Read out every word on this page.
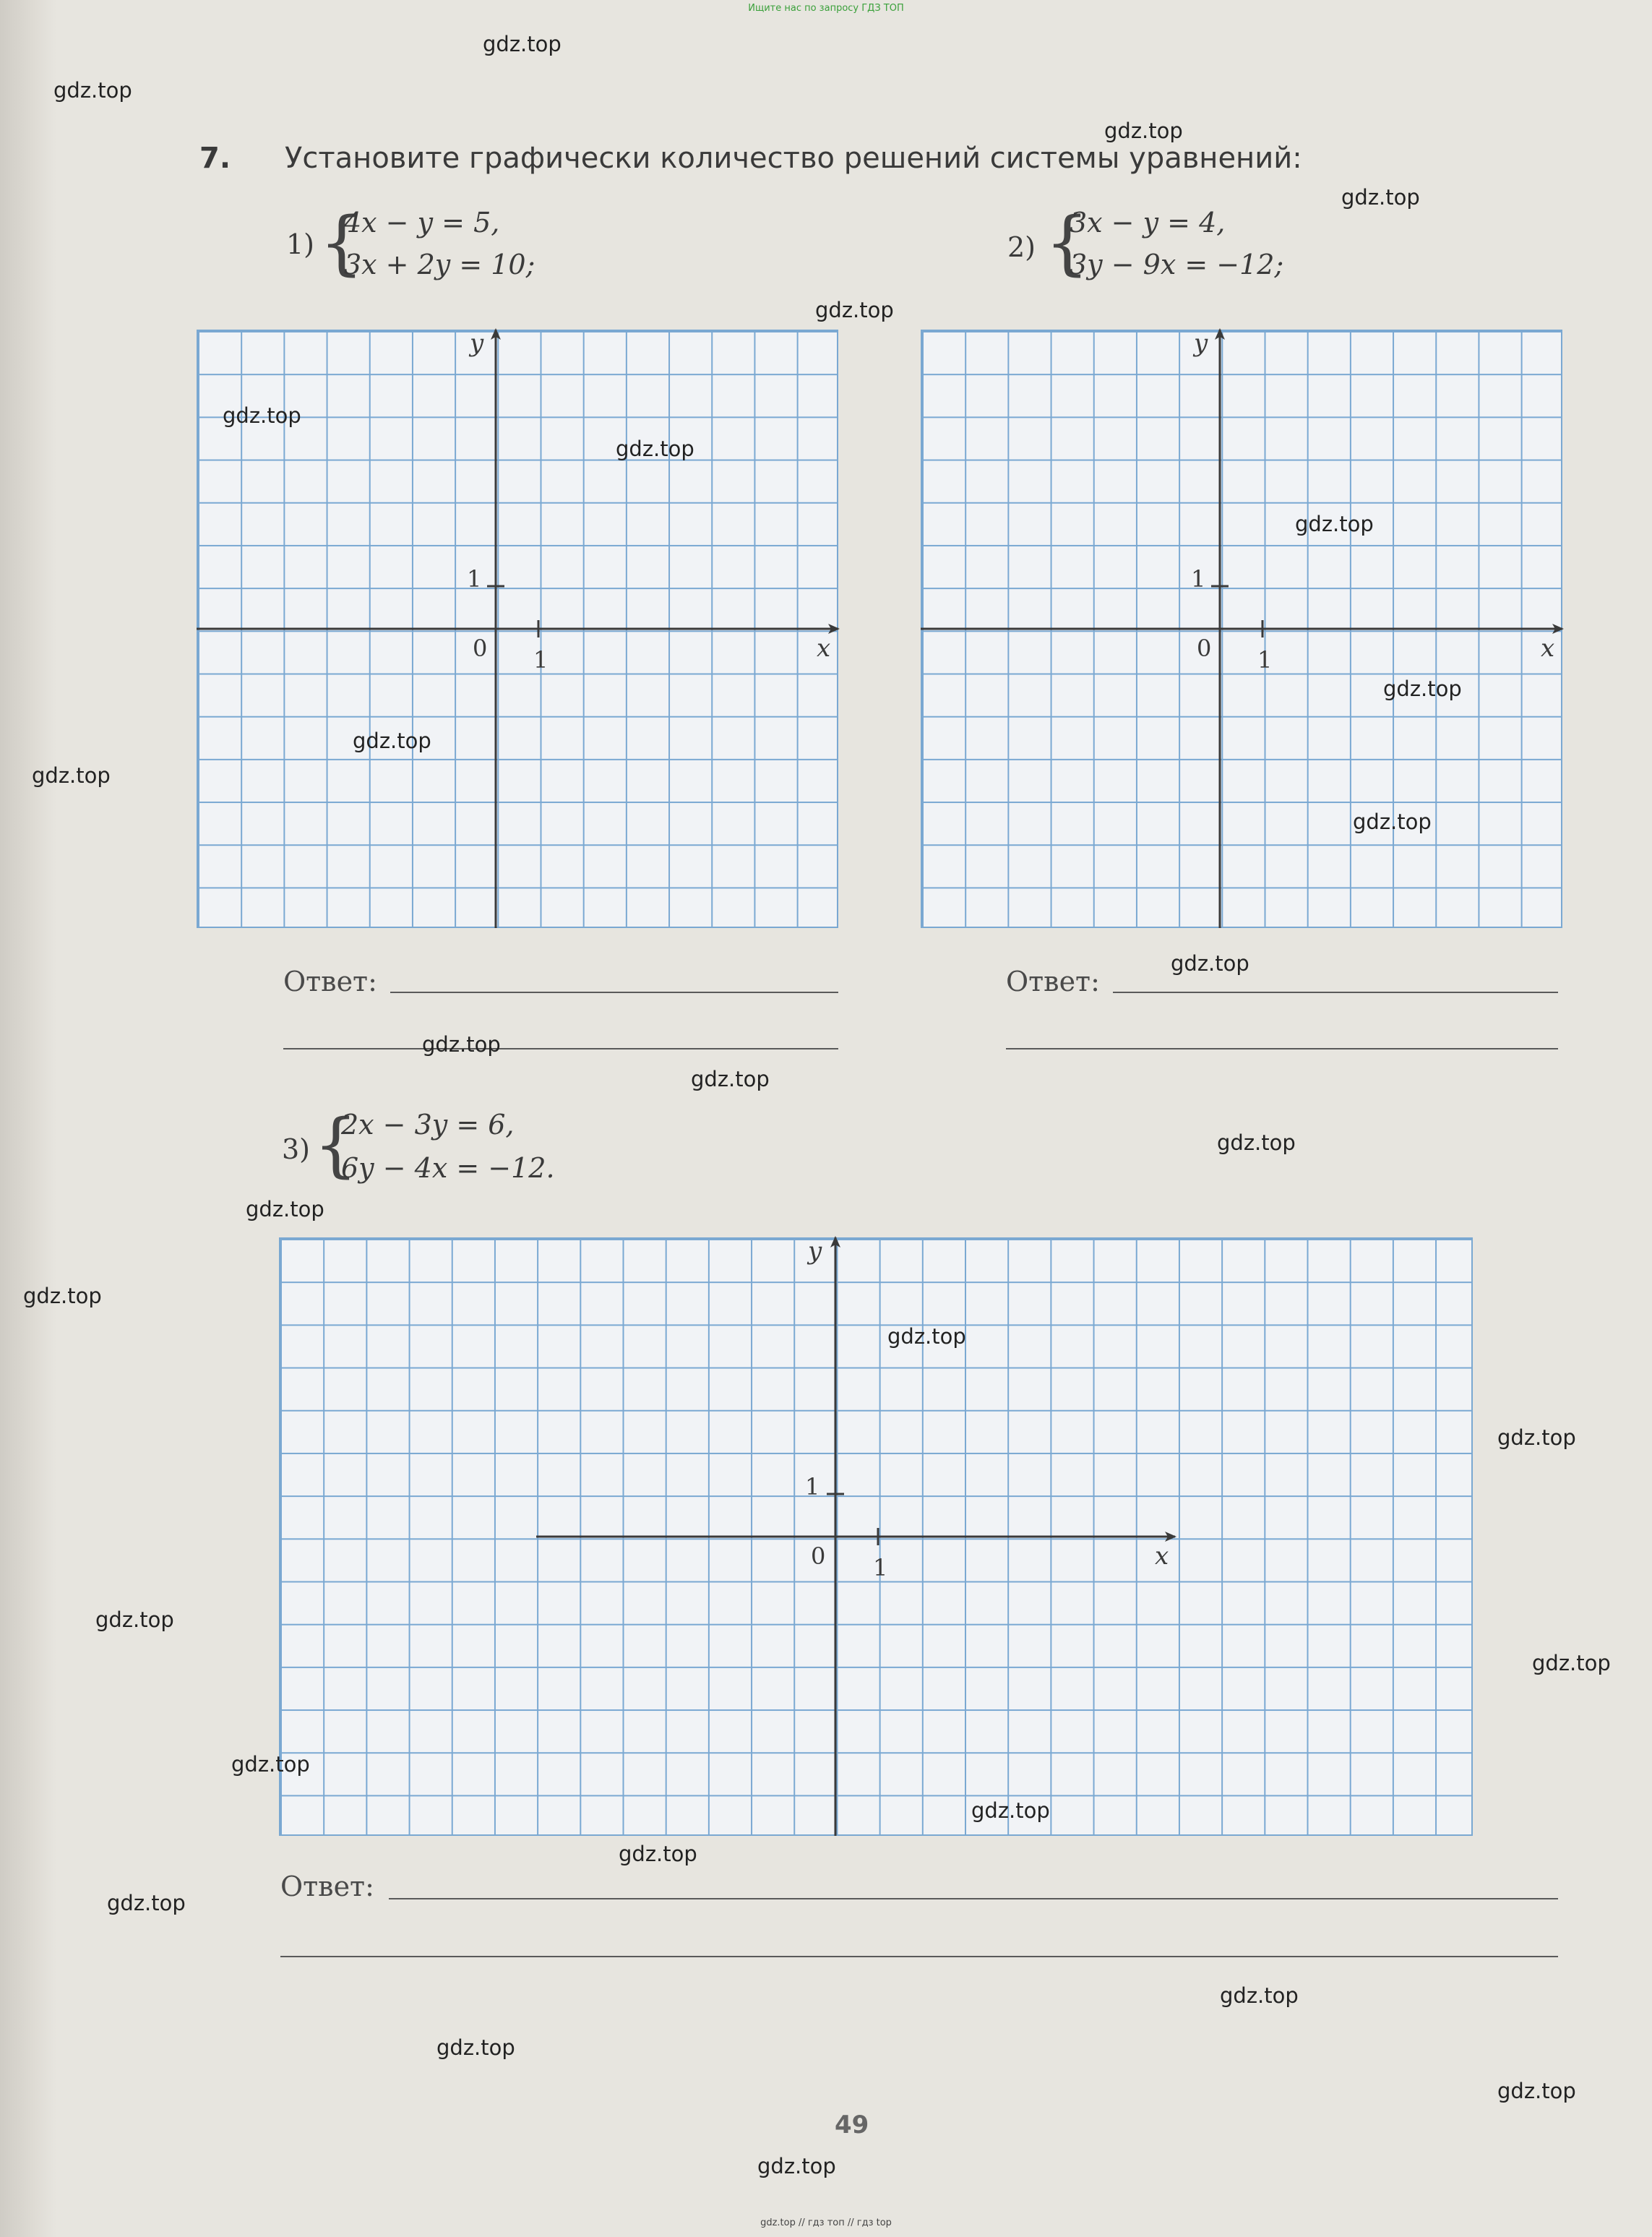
Ищите нас по запросу ГДЗ ТОП
7. Установите графически количество решений системы уравнений:
1) {
4x − y = 5,
3x + 2y = 10;
2) {
3x − y = 4,
3y − 9x = −12;
y
x
0 1
1
y
x
0 1
1
Ответ:	Ответ:
3) {
2x − 3y = 6,
6y − 4x = −12.
y
x
0 1
1
Ответ:
49
gdz.top
gdz.top
gdz.top
gdz.top
gdz.top
gdz.top
gdz.top
gdz.top
gdz.top
gdz.top
gdz.top
gdz.top
gdz.top
gdz.top
gdz.top
gdz.top
gdz.top
gdz.top
gdz.top
gdz.top
gdz.top
gdz.top
gdz.top
gdz.top
gdz.top
gdz.top
gdz.top
gdz.top
gdz.top
gdz.top
gdz.top // гдз топ // гдз top
